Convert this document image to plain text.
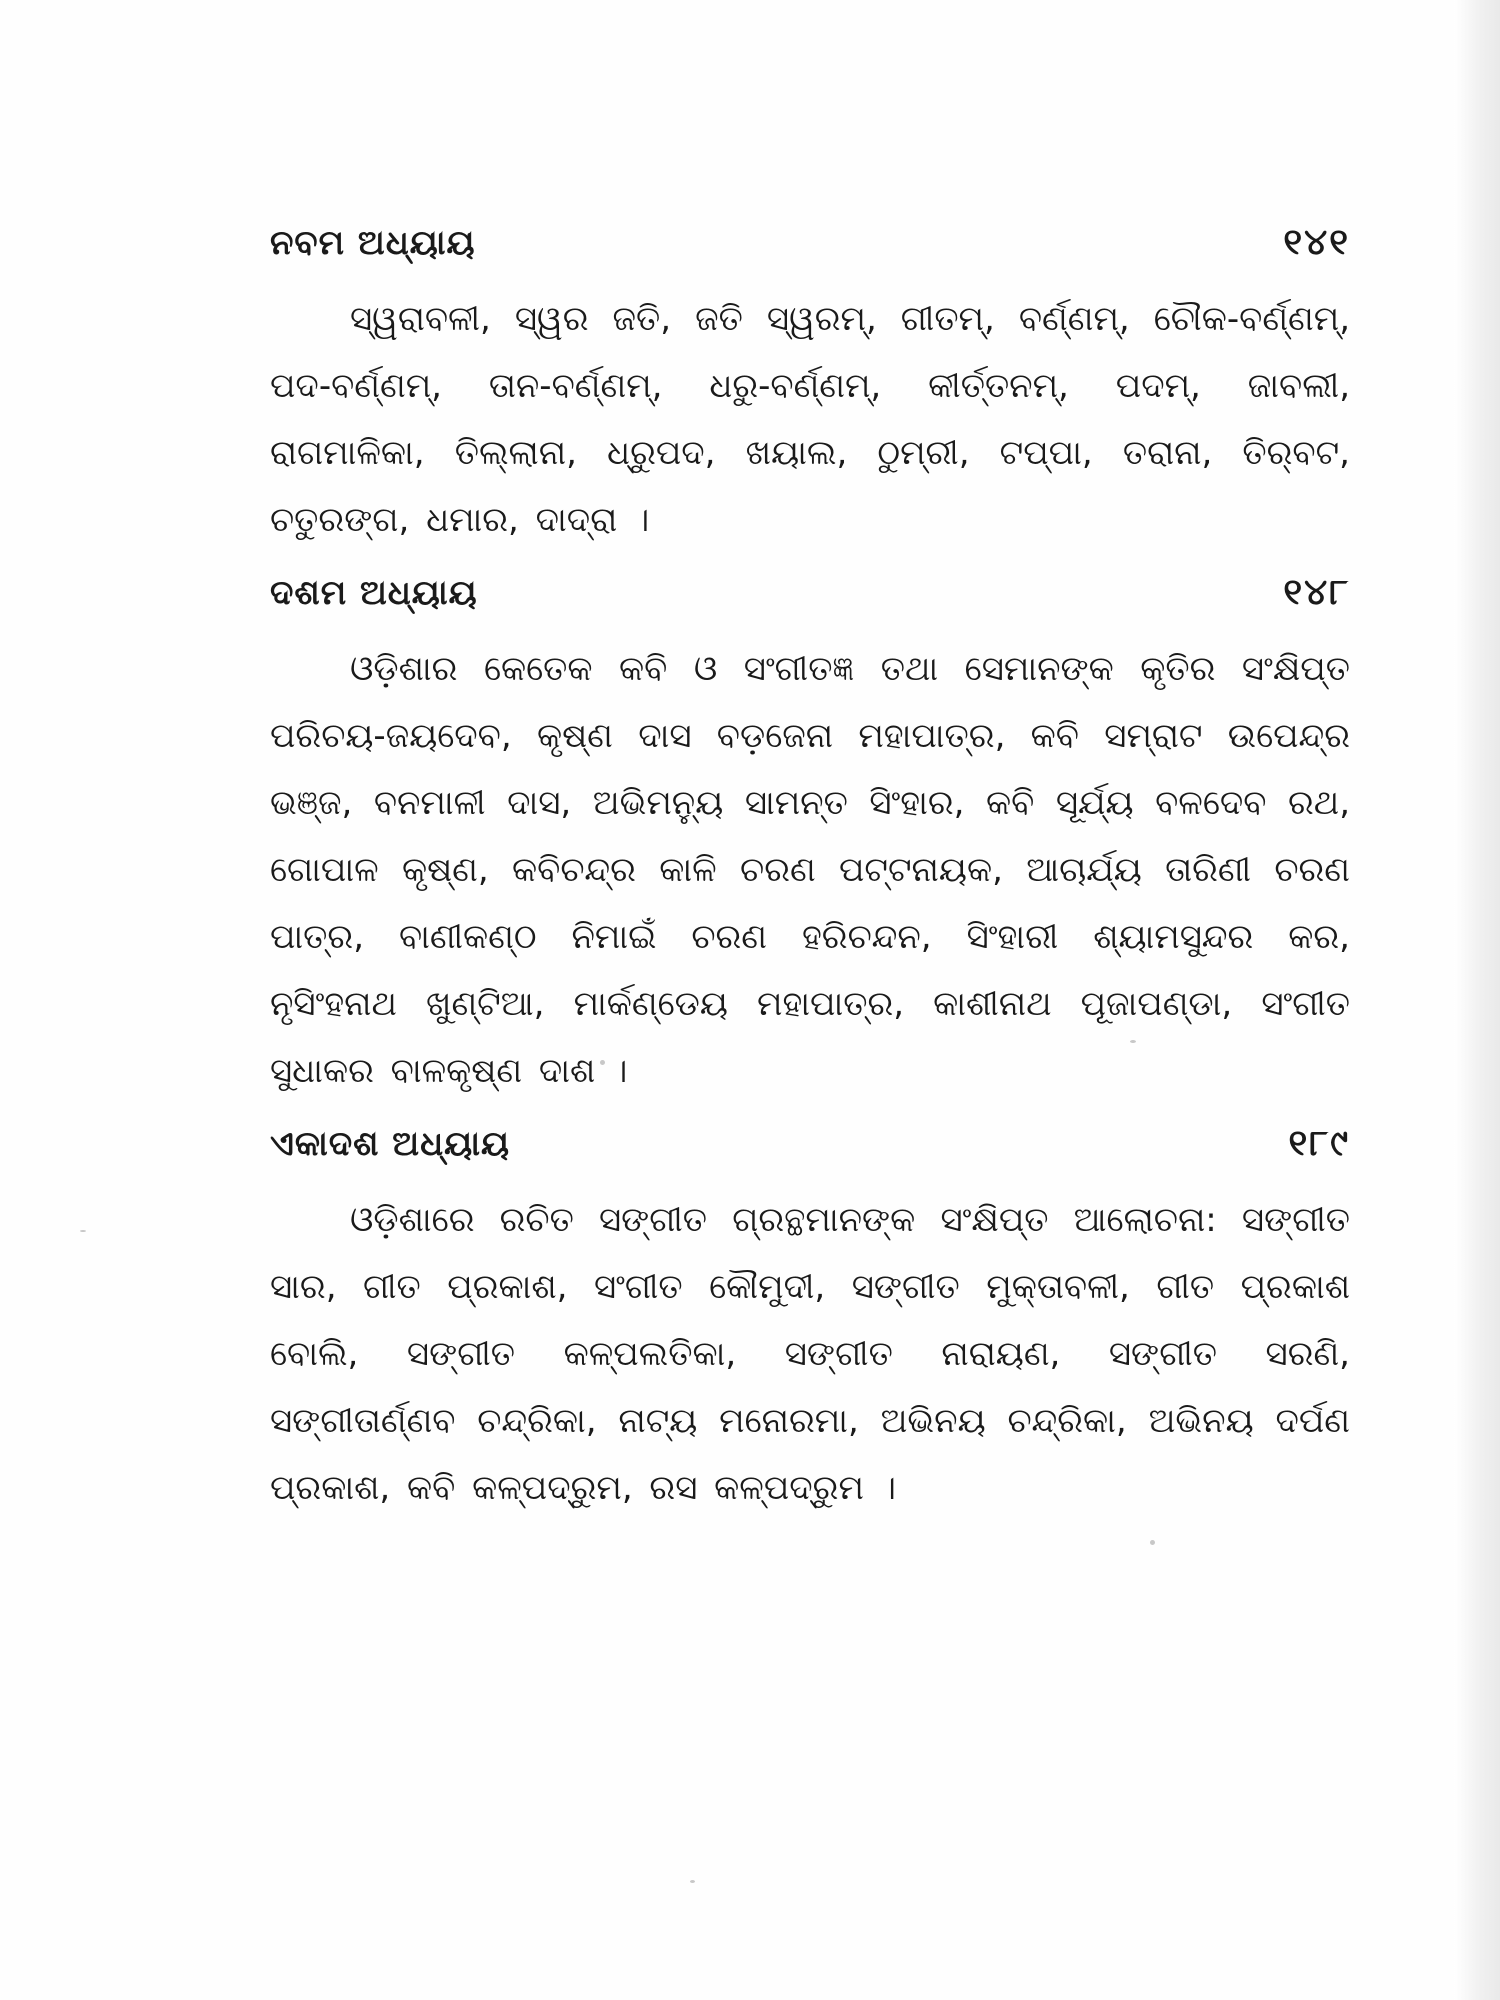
ନବମ ଅଧ୍ୟାୟ	୧୪୧

ସ୍ୱରାବଳୀ, ସ୍ୱର ଜତି, ଜତି ସ୍ୱରମ୍, ଗୀତମ୍, ବର୍ଣ୍ଣମ୍, ଚୌକ-ବର୍ଣ୍ଣମ୍, ପଦ-ବର୍ଣ୍ଣମ୍, ତାନ-ବର୍ଣ୍ଣମ୍, ଧରୁ-ବର୍ଣ୍ଣମ୍, କୀର୍ତ୍ତନମ୍, ପଦମ୍, ଜାବଲୀ, ରାଗମାଳିକା, ତିଲ୍ଲାନା, ଧ୍ରୁପଦ, ଖୟାଲ, ଠୁମ୍‌ରୀ, ଟପ୍‌ପା, ତରାନା, ତିର୍‌ବଟ, ଚତୁରଙ୍ଗ, ଧମାର, ଦାଦ୍‌ରା ।

ଦଶମ ଅଧ୍ୟାୟ	୧୪୮

ଓଡ଼ିଶାର କେତେକ କବି ଓ ସଂଗୀତଜ୍ଞ ତଥା ସେମାନଙ୍କ କୃତିର ସଂକ୍ଷିପ୍ତ ପରିଚୟ-ଜୟଦେବ, କୃଷ୍ଣ ଦାସ ବଡ଼ଜେନା ମହାପାତ୍ର, କବି ସମ୍ରାଟ ଉପେନ୍ଦ୍ର ଭଞ୍ଜ, ବନମାଳୀ ଦାସ, ଅଭିମନ୍ୟୁ ସାମନ୍ତ ସିଂହାର, କବି ସୂର୍ଯ୍ୟ ବଳଦେବ ରଥ, ଗୋପାଳ କୃଷ୍ଣ, କବିଚନ୍ଦ୍ର କାଳି ଚରଣ ପଟ୍ଟନାୟକ, ଆଚାର୍ଯ୍ୟ ତାରିଣୀ ଚରଣ ପାତ୍ର, ବାଣୀକଣ୍ଠ ନିମାଇଁ ଚରଣ ହରିଚନ୍ଦନ, ସିଂହାରୀ ଶ୍ୟାମସୁନ୍ଦର କର, ନୃସିଂହନାଥ ଖୁଣ୍ଟିଆ, ମାର୍କଣ୍ଡେୟ ମହାପାତ୍ର, କାଶୀନାଥ ପୂଜାପଣ୍ଡା, ସଂଗୀତ ସୁଧାକର ବାଳକୃଷ୍ଣ ଦାଶ ।

ଏକାଦଶ ଅଧ୍ୟାୟ	୧୮୯

ଓଡ଼ିଶାରେ ରଚିତ ସଙ୍ଗୀତ ଗ୍ରନ୍ଥମାନଙ୍କ ସଂକ୍ଷିପ୍ତ ଆଲୋଚନା: ସଙ୍ଗୀତ ସାର, ଗୀତ ପ୍ରକାଶ, ସଂଗୀତ କୌମୁଦୀ, ସଙ୍ଗୀତ ମୁକ୍ତାବଳୀ, ଗୀତ ପ୍ରକାଶ ବୋଲି, ସଙ୍ଗୀତ କଳ୍ପଲତିକା, ସଙ୍ଗୀତ ନାରାୟଣ, ସଙ୍ଗୀତ ସରଣି, ସଙ୍ଗୀତାର୍ଣ୍ଣବ ଚନ୍ଦ୍ରିକା, ନାଟ୍ୟ ମନୋରମା, ଅଭିନୟ ଚନ୍ଦ୍ରିକା, ଅଭିନୟ ଦର୍ପଣ ପ୍ରକାଶ, କବି କଳ୍ପଦ୍ରୁମ, ରସ କଳ୍ପଦ୍ରୁମ ।
